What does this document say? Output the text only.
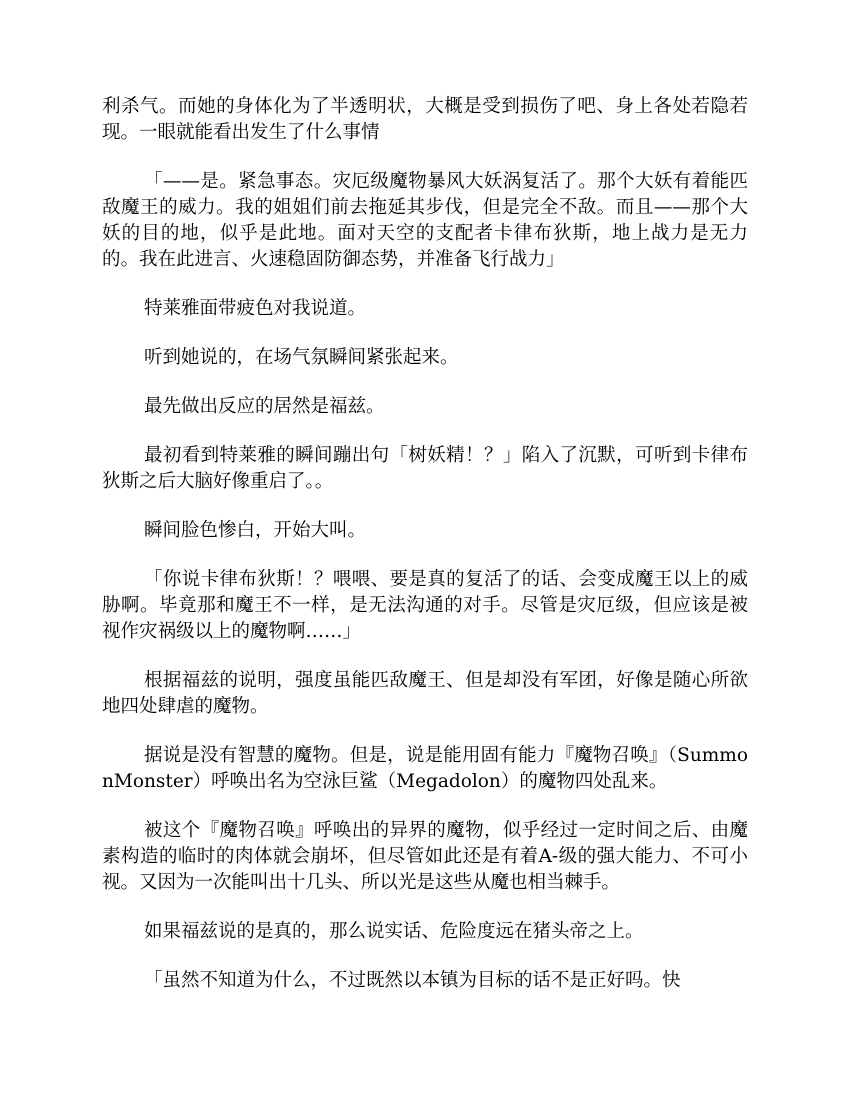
利杀气。而她的身体化为了半透明状，大概是受到损伤了吧、身上各处若隐若现。一眼就能看出发生了什么事情

「——是。紧急事态。灾厄级魔物暴风大妖涡复活了。那个大妖有着能匹敌魔王的威力。我的姐姐们前去拖延其步伐，但是完全不敌。而且——那个大妖的目的地，似乎是此地。面对天空的支配者卡律布狄斯，地上战力是无力的。我在此进言、火速稳固防御态势，并准备飞行战力」

特莱雅面带疲色对我说道。

听到她说的，在场气氛瞬间紧张起来。

最先做出反应的居然是福兹。

最初看到特莱雅的瞬间蹦出句「树妖精！？」陷入了沉默，可听到卡律布狄斯之后大脑好像重启了。。

瞬间脸色惨白，开始大叫。

「你说卡律布狄斯！？喂喂、要是真的复活了的话、会变成魔王以上的威胁啊。毕竟那和魔王不一样，是无法沟通的对手。尽管是灾厄级，但应该是被视作灾祸级以上的魔物啊……」

根据福兹的说明，强度虽能匹敌魔王、但是却没有军团，好像是随心所欲地四处肆虐的魔物。

据说是没有智慧的魔物。但是，说是能用固有能力『魔物召唤』（SummonMonster）呼唤出名为空泳巨鲨（Megadolon）的魔物四处乱来。

被这个『魔物召唤』呼唤出的异界的魔物，似乎经过一定时间之后、由魔素构造的临时的肉体就会崩坏，但尽管如此还是有着A-级的强大能力、不可小视。又因为一次能叫出十几头、所以光是这些从魔也相当棘手。

如果福兹说的是真的，那么说实话、危险度远在猪头帝之上。

「虽然不知道为什么，不过既然以本镇为目标的话不是正好吗。快
